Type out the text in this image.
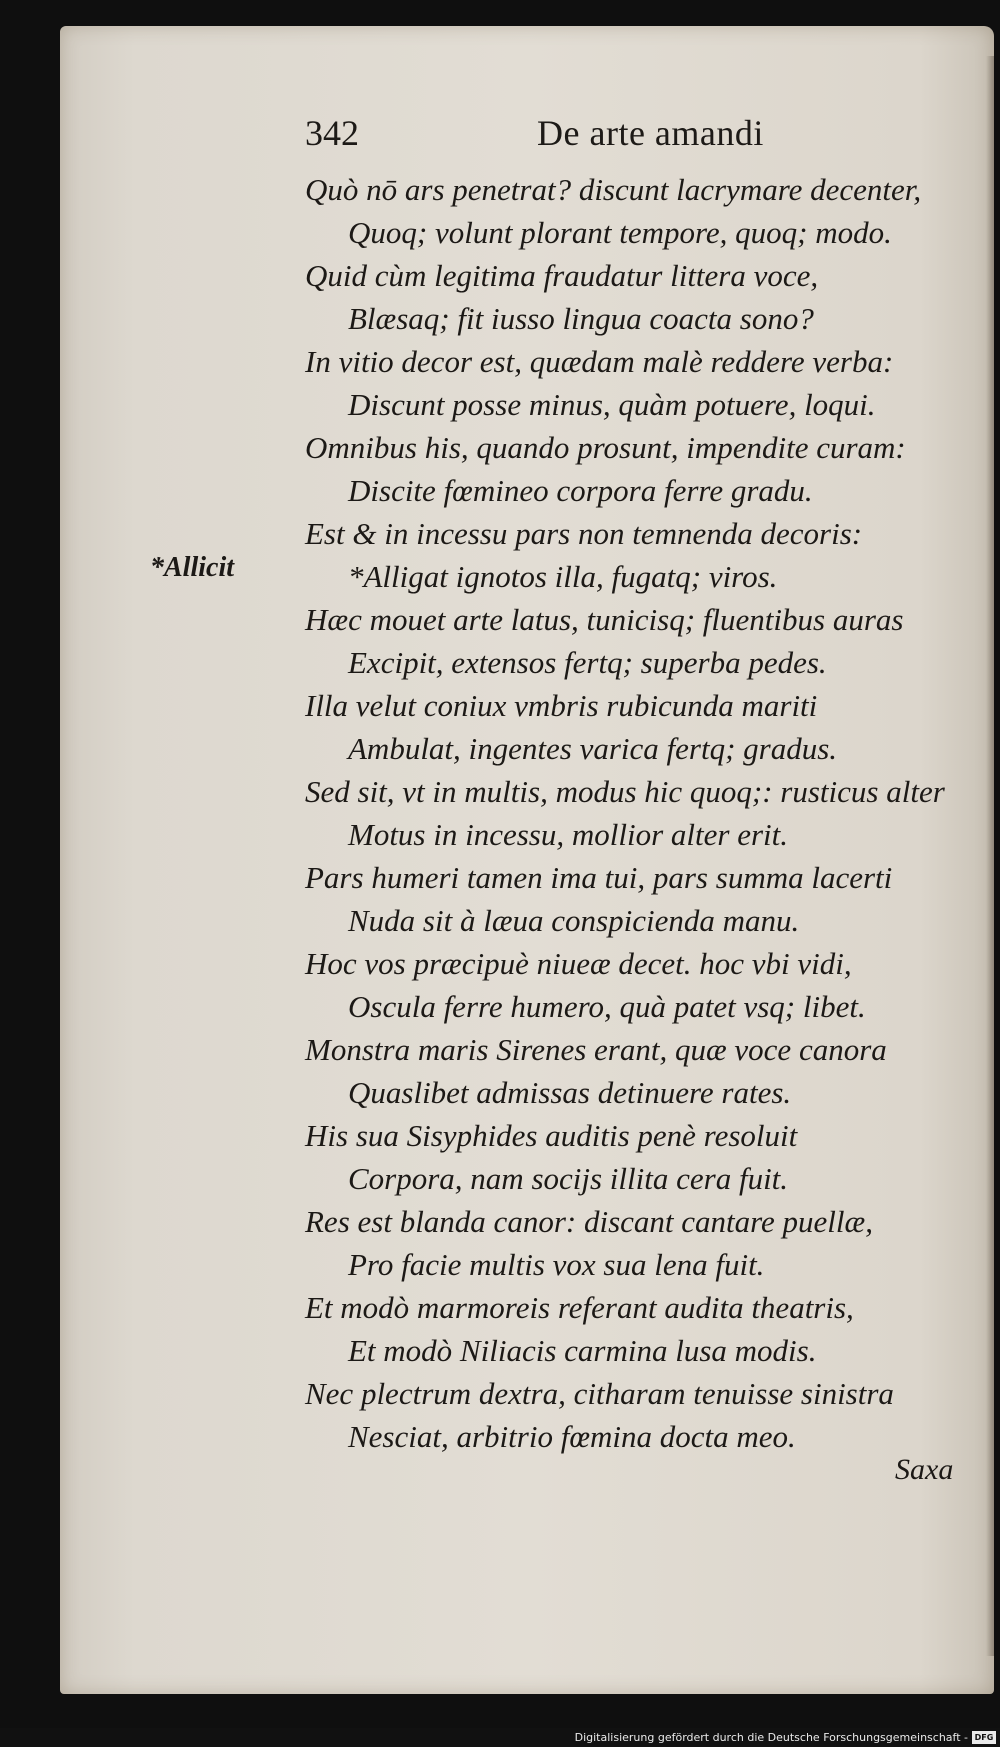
342	De arte amandi
*Allicit
Quò nō ars penetrat? discunt lacrymare decenter,
Quoq; volunt plorant tempore, quoq; modo.
Quid cùm legitima fraudatur littera voce,
Blæsaq; fit iusso lingua coacta sono?
In vitio decor est, quædam malè reddere verba:
Discunt posse minus, quàm potuere, loqui.
Omnibus his, quando prosunt, impendite curam:
Discite fœmineo corpora ferre gradu.
Est & in incessu pars non temnenda decoris:
*Alligat ignotos illa, fugatq; viros.
Hæc mouet arte latus, tunicisq; fluentibus auras
Excipit, extensos fertq; superba pedes.
Illa velut coniux vmbris rubicunda mariti
Ambulat, ingentes varica fertq; gradus.
Sed sit, vt in multis, modus hic quoq;: rusticus alter
Motus in incessu, mollior alter erit.
Pars humeri tamen ima tui, pars summa lacerti
Nuda sit à læua conspicienda manu.
Hoc vos præcipuè niueæ decet. hoc vbi vidi,
Oscula ferre humero, quà patet vsq; libet.
Monstra maris Sirenes erant, quæ voce canora
Quaslibet admissas detinuere rates.
His sua Sisyphides auditis penè resoluit
Corpora, nam socijs illita cera fuit.
Res est blanda canor: discant cantare puellæ,
Pro facie multis vox sua lena fuit.
Et modò marmoreis referant audita theatris,
Et modò Niliacis carmina lusa modis.
Nec plectrum dextra, citharam tenuisse sinistra
Nesciat, arbitrio fœmina docta meo.
Saxa
Digitalisierung gefördert durch die Deutsche Forschungsgemeinschaft - DFG
